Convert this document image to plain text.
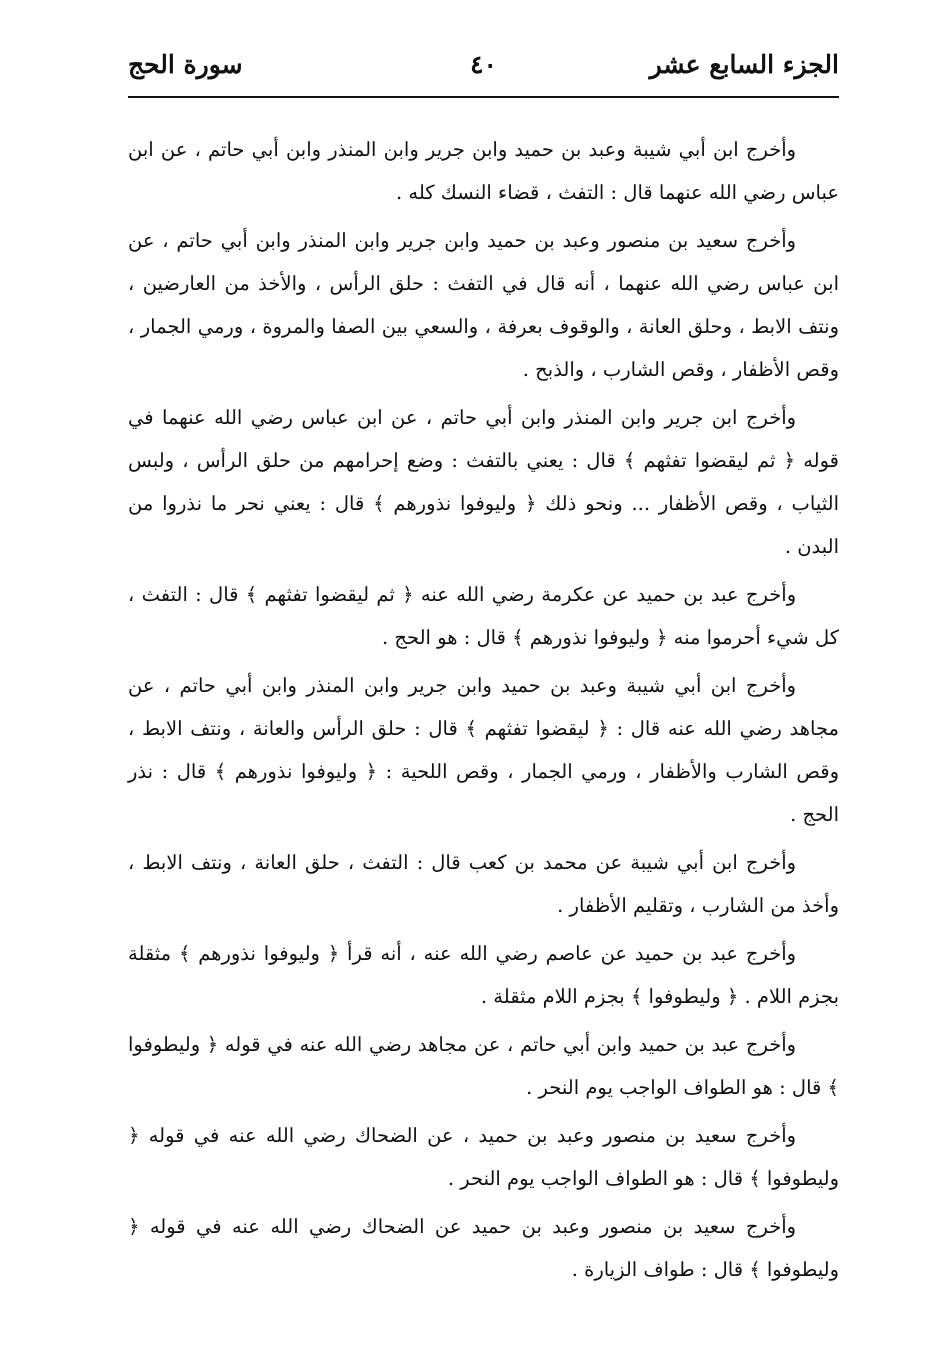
الجزء السابع عشر
٤٠
سورة الحج

وأخرج ابن أبي شيبة وعبد بن حميد وابن جرير وابن المنذر وابن أبي حاتم ، عن ابن عباس رضي الله عنهما قال : التفث ، قضاء النسك كله .

وأخرج سعيد بن منصور وعبد بن حميد وابن جرير وابن المنذر وابن أبي حاتم ، عن ابن عباس رضي الله عنهما ، أنه قال في التفث : حلق الرأس ، والأخذ من العارضين ، ونتف الابط ، وحلق العانة ، والوقوف بعرفة ، والسعي بين الصفا والمروة ، ورمي الجمار ، وقص الأظفار ، وقص الشارب ، والذبح .

وأخرج ابن جرير وابن المنذر وابن أبي حاتم ، عن ابن عباس رضي الله عنهما في قوله ﴿ ثم ليقضوا تفثهم ﴾ قال : يعني بالتفث : وضع إحرامهم من حلق الرأس ، ولبس الثياب ، وقص الأظفار ... ونحو ذلك ﴿ وليوفوا نذورهم ﴾ قال : يعني نحر ما نذروا من البدن .

وأخرج عبد بن حميد عن عكرمة رضي الله عنه ﴿ ثم ليقضوا تفثهم ﴾ قال : التفث ، كل شيء أحرموا منه ﴿ وليوفوا نذورهم ﴾ قال : هو الحج .

وأخرج ابن أبي شيبة وعبد بن حميد وابن جرير وابن المنذر وابن أبي حاتم ، عن مجاهد رضي الله عنه قال : ﴿ ليقضوا تفثهم ﴾ قال : حلق الرأس والعانة ، ونتف الابط ، وقص الشارب والأظفار ، ورمي الجمار ، وقص اللحية : ﴿ وليوفوا نذورهم ﴾ قال : نذر الحج .

وأخرج ابن أبي شيبة عن محمد بن كعب قال : التفث ، حلق العانة ، ونتف الابط ، وأخذ من الشارب ، وتقليم الأظفار .

وأخرج عبد بن حميد عن عاصم رضي الله عنه ، أنه قرأ ﴿ وليوفوا نذورهم ﴾ مثقلة بجزم اللام . ﴿ وليطوفوا ﴾ بجزم اللام مثقلة .

وأخرج عبد بن حميد وابن أبي حاتم ، عن مجاهد رضي الله عنه في قوله ﴿ وليطوفوا ﴾ قال : هو الطواف الواجب يوم النحر .

وأخرج سعيد بن منصور وعبد بن حميد ، عن الضحاك رضي الله عنه في قوله ﴿ وليطوفوا ﴾ قال : هو الطواف الواجب يوم النحر .

وأخرج سعيد بن منصور وعبد بن حميد عن الضحاك رضي الله عنه في قوله ﴿ وليطوفوا ﴾ قال : طواف الزيارة .
